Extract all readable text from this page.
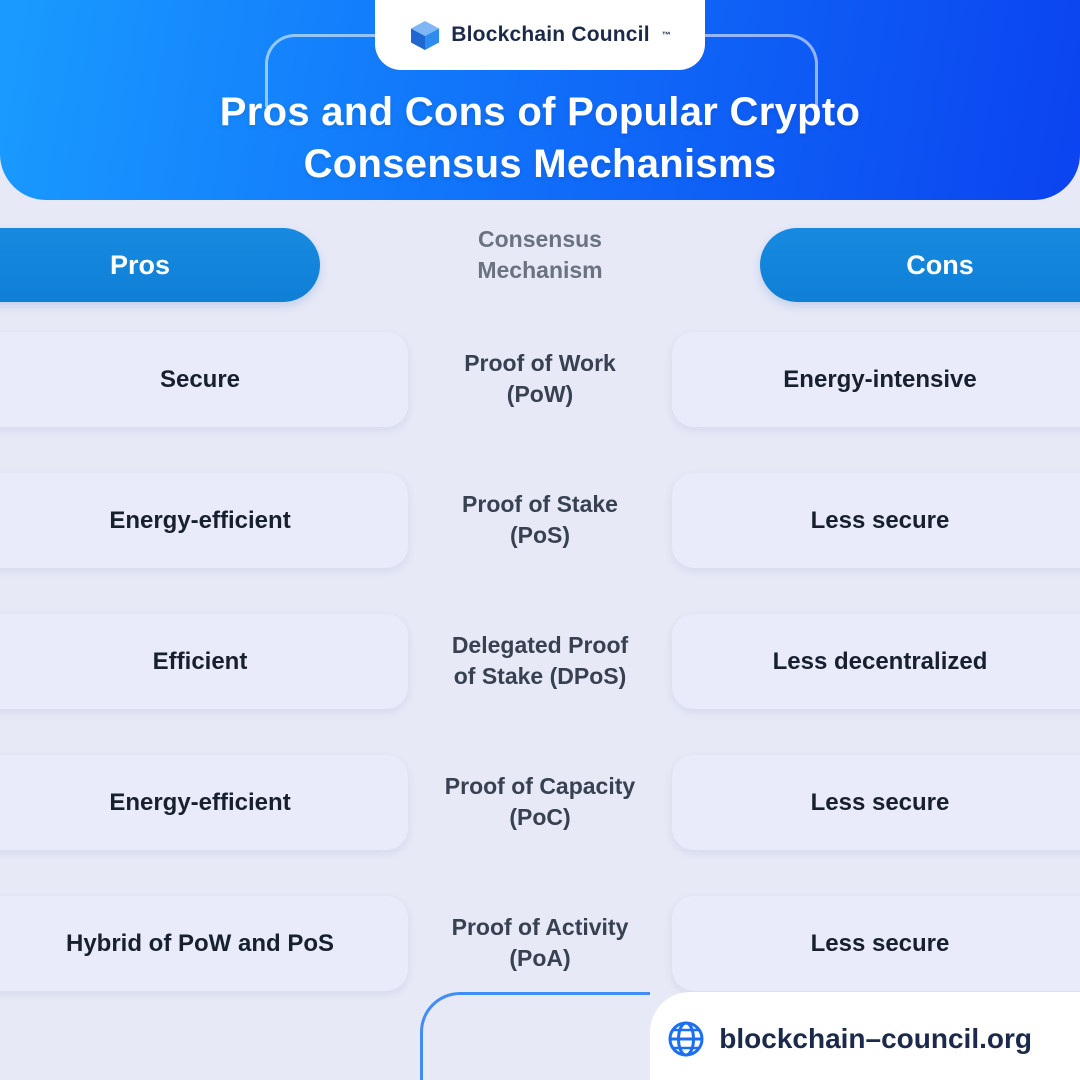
Blockchain Council ™
Pros and Cons of Popular Crypto
Consensus Mechanisms
Pros
Consensus
Mechanism	Cons
Secure
Proof of Work
(PoW)
Energy-intensive
Energy-efficient
Proof of Stake
(PoS)
Less secure
Efficient
Delegated Proof
of Stake (DPoS)
Less decentralized
Energy-efficient
Proof of Capacity
(PoC)
Less secure
Hybrid of PoW and PoS
Proof of Activity
(PoA)
Less secure
blockchain–council.org
